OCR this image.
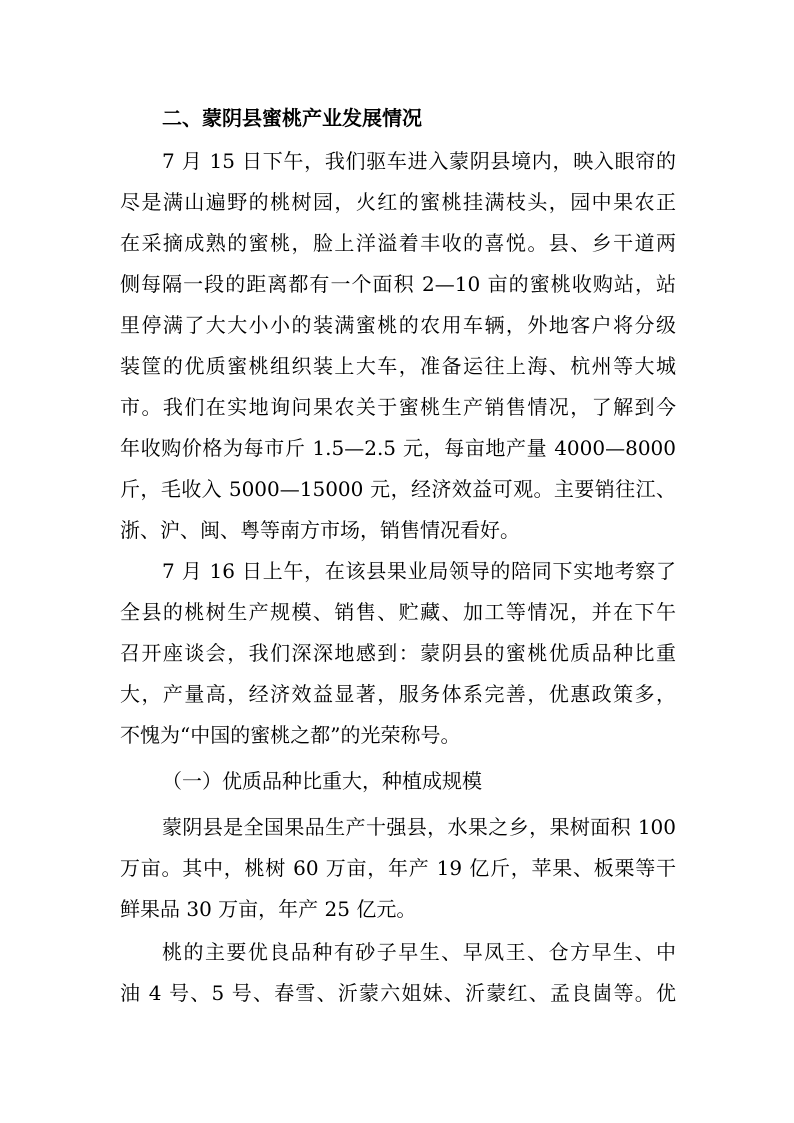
二、蒙阴县蜜桃产业发展情况
7 月 15 日下午，我们驱车进入蒙阴县境内，映入眼帘的
尽是满山遍野的桃树园，火红的蜜桃挂满枝头，园中果农正
在采摘成熟的蜜桃，脸上洋溢着丰收的喜悦。县、乡干道两
侧每隔一段的距离都有一个面积 2—10 亩的蜜桃收购站，站
里停满了大大小小的装满蜜桃的农用车辆，外地客户将分级
装筐的优质蜜桃组织装上大车，准备运往上海、杭州等大城
市。我们在实地询问果农关于蜜桃生产销售情况，了解到今
年收购价格为每市斤 1.5—2.5 元，每亩地产量 4000—8000
斤，毛收入 5000—15000 元，经济效益可观。主要销往江、
浙、沪、闽、粤等南方市场，销售情况看好。
7 月 16 日上午，在该县果业局领导的陪同下实地考察了
全县的桃树生产规模、销售、贮藏、加工等情况，并在下午
召开座谈会，我们深深地感到：蒙阴县的蜜桃优质品种比重
大，产量高，经济效益显著，服务体系完善，优惠政策多，
不愧为“中国的蜜桃之都”的光荣称号。
（一）优质品种比重大，种植成规模
蒙阴县是全国果品生产十强县，水果之乡，果树面积 100
万亩。其中，桃树 60 万亩，年产 19 亿斤，苹果、板栗等干
鲜果品 30 万亩，年产 25 亿元。
桃的主要优良品种有砂子早生、早凤王、仓方早生、中
油 4 号、5 号、春雪、沂蒙六姐妹、沂蒙红、孟良崮等。优
